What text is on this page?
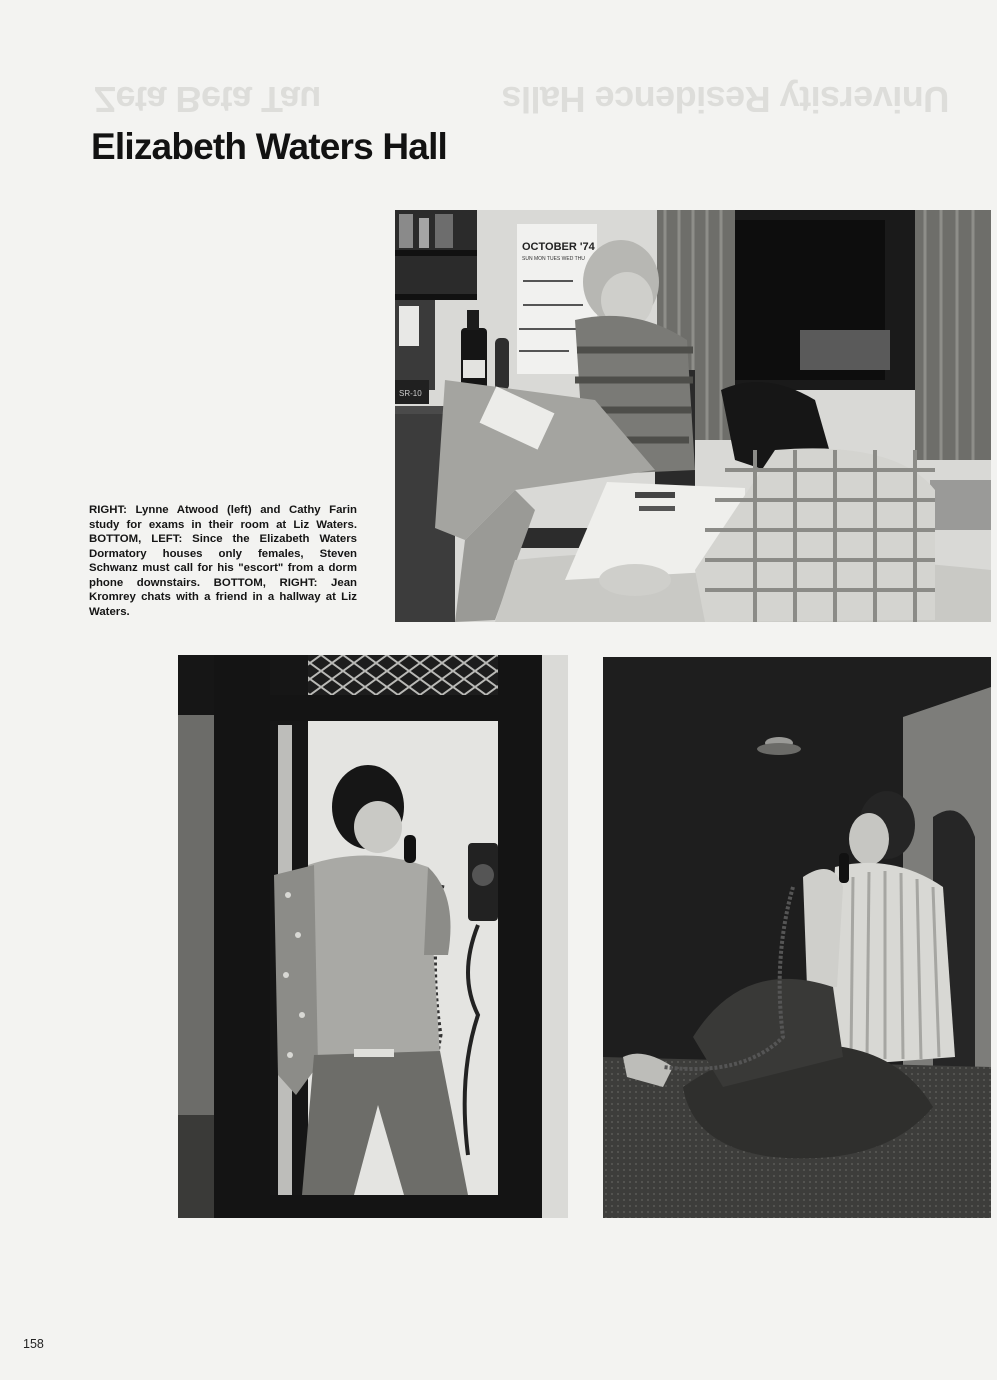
Zeta Beta Tau	University Residence Halls
Elizabeth Waters Hall

RIGHT: Lynne Atwood (left) and Cathy Farin study for exams in their room at Liz Waters. BOTTOM, LEFT: Since the Elizabeth Waters Dormatory houses only females, Steven Schwanz must call for his "escort" from a dorm phone downstairs. BOTTOM, RIGHT: Jean Kromrey chats with a friend in a hallway at Liz Waters.

SR-10
OCTOBER '74
SUN MON TUES WED THU
158
